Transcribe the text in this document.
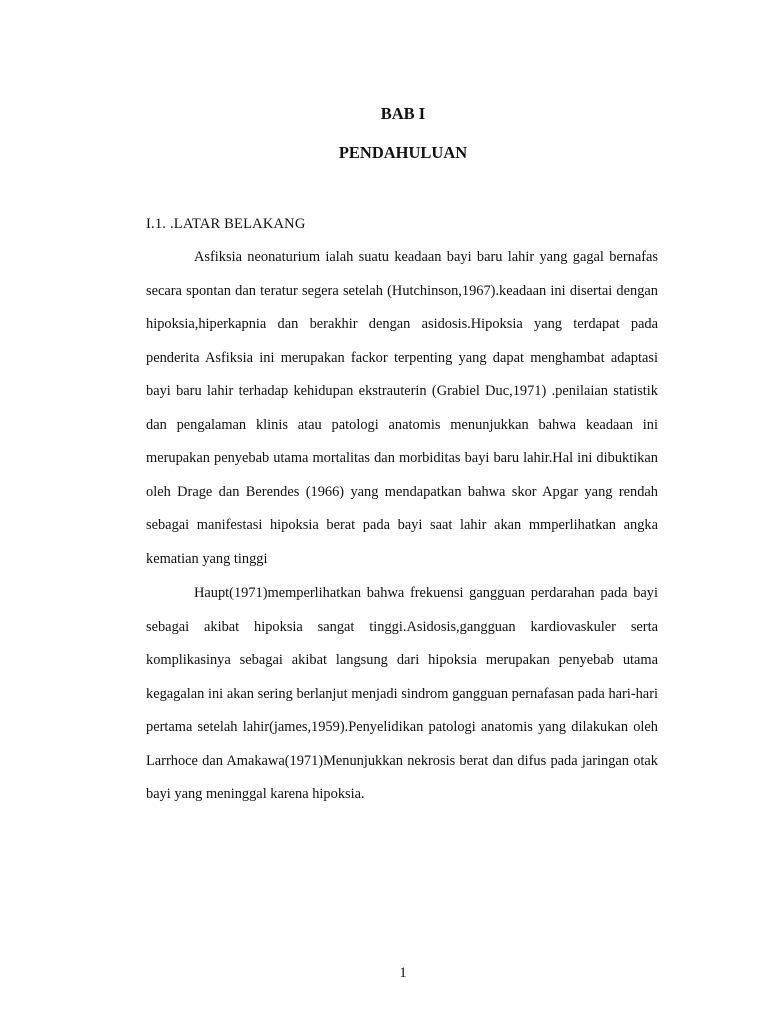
BAB I
PENDAHULUAN

I.1. .LATAR BELAKANG

Asfiksia neonaturium ialah suatu keadaan bayi baru lahir yang gagal bernafas secara spontan dan teratur segera setelah (Hutchinson,1967).keadaan ini disertai dengan hipoksia,hiperkapnia dan berakhir dengan asidosis.Hipoksia yang terdapat pada penderita Asfiksia ini merupakan fackor terpenting yang dapat menghambat adaptasi bayi baru lahir terhadap kehidupan ekstrauterin (Grabiel Duc,1971) .penilaian statistik dan pengalaman klinis atau patologi anatomis menunjukkan bahwa keadaan ini merupakan penyebab utama mortalitas dan morbiditas bayi baru lahir.Hal ini dibuktikan oleh Drage dan Berendes (1966) yang mendapatkan bahwa skor Apgar yang rendah sebagai manifestasi hipoksia berat pada bayi saat lahir akan mmperlihatkan angka kematian yang tinggi

Haupt(1971)memperlihatkan bahwa frekuensi gangguan perdarahan pada bayi sebagai akibat hipoksia sangat tinggi.Asidosis,gangguan kardiovaskuler serta komplikasinya sebagai akibat langsung dari hipoksia merupakan penyebab utama kegagalan ini akan sering berlanjut menjadi sindrom gangguan pernafasan pada hari-hari pertama setelah lahir(james,1959).Penyelidikan patologi anatomis yang dilakukan oleh Larrhoce dan Amakawa(1971)Menunjukkan nekrosis berat dan difus pada jaringan otak bayi yang meninggal karena hipoksia.

1
